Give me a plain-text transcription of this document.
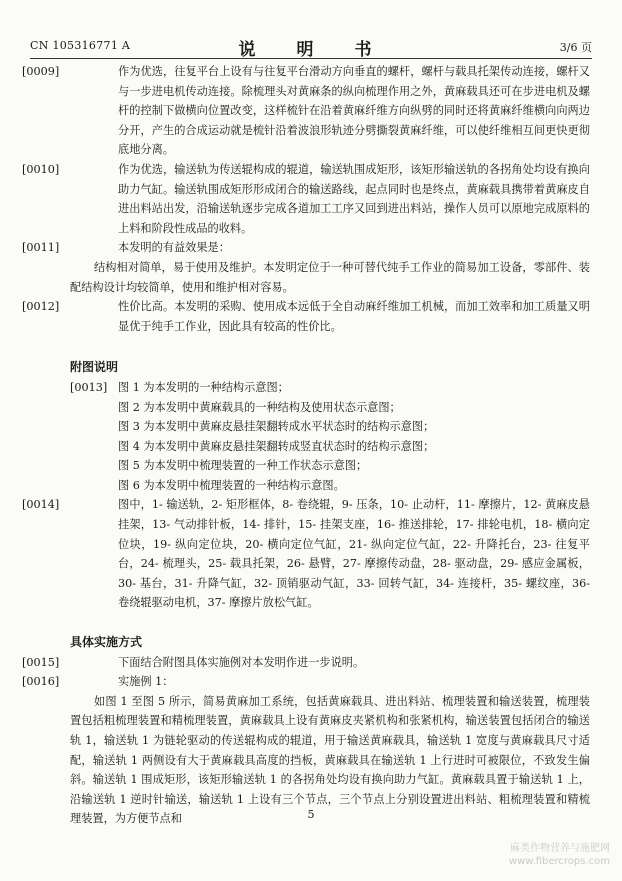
CN 105316771 A	说　明　书	3/6 页

[0009]	作为优选，往复平台上设有与往复平台滑动方向垂直的螺杆，螺杆与载具托架传动连接，螺杆又与一步进电机传动连接。除梳理头对黄麻条的纵向梳理作用之外，黄麻载具还可在步进电机及螺杆的控制下做横向位置改变，这样梳针在沿着黄麻纤维方向纵劈的同时还将黄麻纤维横向向两边分开，产生的合成运动就是梳针沿着波浪形轨迹分劈撕裂黄麻纤维，可以使纤维相互间更快更彻底地分离。

[0010]	作为优选，输送轨为传送辊构成的辊道，输送轨围成矩形，该矩形输送轨的各拐角处均设有换向助力气缸。输送轨围成矩形形成闭合的输送路线，起点同时也是终点，黄麻载具携带着黄麻皮自进出料站出发，沿输送轨逐步完成各道加工工序又回到进出料站，操作人员可以原地完成原料的上料和阶段性成品的收料。

[0011]	本发明的有益效果是：

结构相对简单，易于使用及维护。本发明定位于一种可替代纯手工作业的简易加工设备，零部件、装配结构设计均较简单，使用和维护相对容易。

[0012]	性价比高。本发明的采购、使用成本远低于全自动麻纤维加工机械，而加工效率和加工质量又明显优于纯手工作业，因此具有较高的性价比。

附图说明

[0013] 图 1 为本发明的一种结构示意图；

图 2 为本发明中黄麻载具的一种结构及使用状态示意图；

图 3 为本发明中黄麻皮悬挂架翻转成水平状态时的结构示意图；

图 4 为本发明中黄麻皮悬挂架翻转成竖直状态时的结构示意图；

图 5 为本发明中梳理装置的一种工作状态示意图；

图 6 为本发明中梳理装置的一种结构示意图。

[0014]	图中，1- 输送轨，2- 矩形框体，8- 卷绕辊，9- 压条，10- 止动杆，11- 摩擦片，12- 黄麻皮悬挂架，13- 气动排针板，14- 排针，15- 挂架支座，16- 推送排轮，17- 排轮电机，18- 横向定位块，19- 纵向定位块，20- 横向定位气缸，21- 纵向定位气缸，22- 升降托台，23- 往复平台，24- 梳理头，25- 载具托架，26- 悬臂，27- 摩擦传动盘，28- 驱动盘，29- 感应金属板，30- 基台，31- 升降气缸，32- 顶销驱动气缸，33- 回转气缸，34- 连接杆，35- 螺纹座，36- 卷绕辊驱动电机，37- 摩擦片放松气缸。

具体实施方式

[0015]	下面结合附图具体实施例对本发明作进一步说明。

[0016]	实施例 1：

如图 1 至图 5 所示，简易黄麻加工系统，包括黄麻载具、进出料站、梳理装置和输送装置，梳理装置包括粗梳理装置和精梳理装置，黄麻载具上设有黄麻皮夹紧机构和张紧机构，输送装置包括闭合的输送轨 1，输送轨 1 为链轮驱动的传送辊构成的辊道，用于输送黄麻载具，输送轨 1 宽度与黄麻载具尺寸适配，输送轨 1 两侧设有大于黄麻载具高度的挡板，黄麻载具在输送轨 1 上行进时可被限位，不致发生偏斜。输送轨 1 围成矩形，该矩形输送轨 1 的各拐角处均设有换向助力气缸。黄麻载具置于输送轨 1 上，沿输送轨 1 逆时针输送，输送轨 1 上设有三个节点，三个节点上分别设置进出料站、粗梳理装置和精梳理装置，为方便节点和	5
麻类作物营养与施肥网
www.fibercrops.com
